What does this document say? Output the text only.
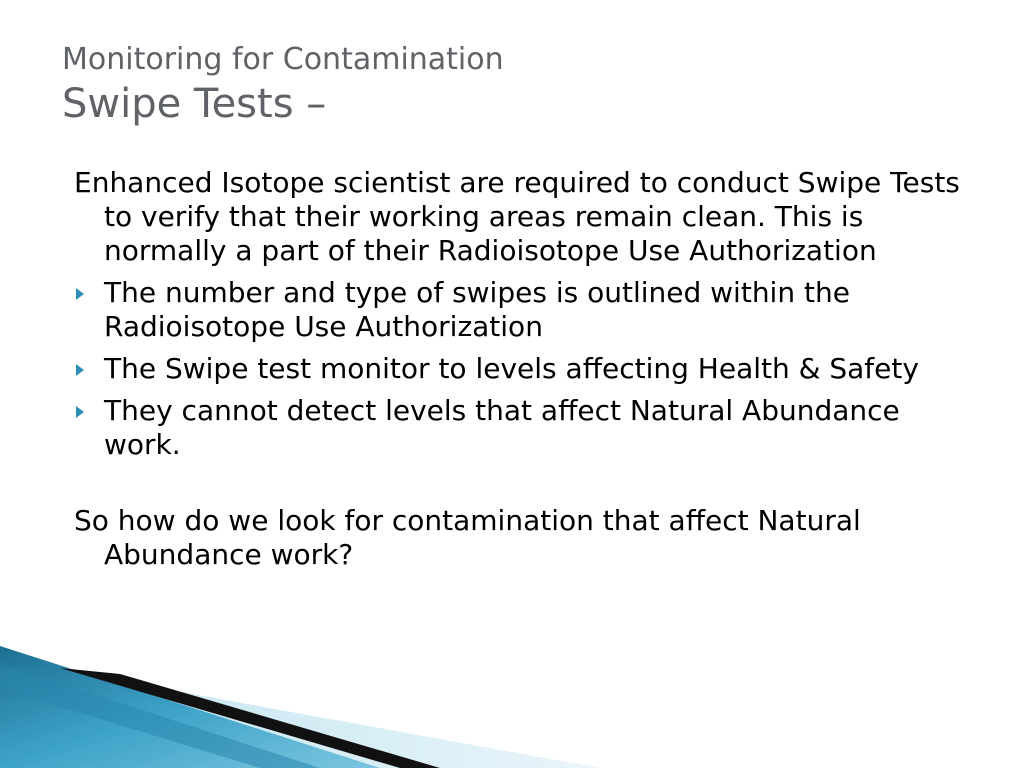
Monitoring for Contamination
Swipe Tests –

Enhanced Isotope scientist are required to conduct Swipe Tests to verify that their working areas remain clean. This is normally a part of their Radioisotope Use Authorization

The number and type of swipes is outlined within the Radioisotope Use Authorization
The Swipe test monitor to levels affecting Health & Safety
They cannot detect levels that affect Natural Abundance work.

So how do we look for contamination that affect Natural Abundance work?
